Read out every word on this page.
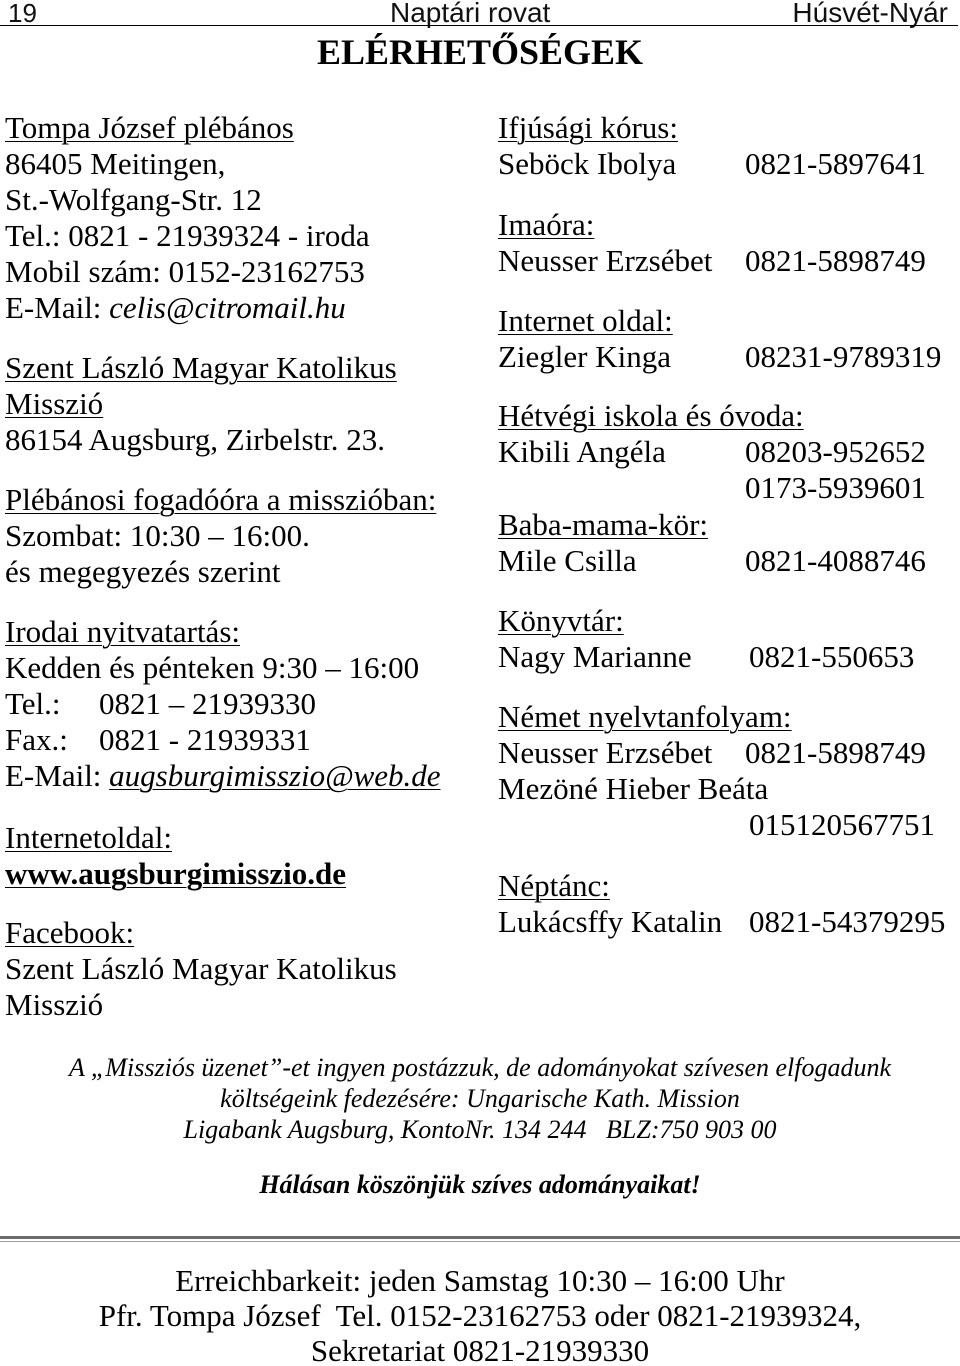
19	Naptári rovat	Húsvét-Nyár
ELÉRHETŐSÉGEK
Tompa József plébános
86405 Meitingen,
St.-Wolfgang-Str. 12
Tel.: 0821 - 21939324 - iroda
Mobil szám: 0152-23162753
E-Mail: celis@citromail.hu
Szent László Magyar Katolikus
Misszió
86154 Augsburg, Zirbelstr. 23.
Plébánosi fogadóóra a misszióban:
Szombat: 10:30 – 16:00.
és megegyezés szerint
Irodai nyitvatartás:
Kedden és pénteken 9:30 – 16:00
Tel.: 0821 – 21939330
Fax.: 0821 - 21939331
E-Mail: augsburgimisszio@web.de
Internetoldal:
www.augsburgimisszio.de
Facebook:
Szent László Magyar Katolikus
Misszió
Ifjúsági kórus:
Seböck Ibolya 0821-5897641
Imaóra:
Neusser Erzsébet 0821-5898749
Internet oldal:
Ziegler Kinga 08231-9789319
Hétvégi iskola és óvoda:
Kibili Angéla	08203-952652
0173-5939601
Baba-mama-kör:
Mile Csilla	0821-4088746
Könyvtár:
Nagy Marianne 0821-550653
Német nyelvtanfolyam:
Neusser Erzsébet 0821-5898749
Mezöné Hieber Beáta
015120567751
Néptánc:
Lukácsffy Katalin 0821-54379295
A „Missziós üzenet”-et ingyen postázzuk, de adományokat szívesen elfogadunk
költségeink fedezésére: Ungarische Kath. Mission
Ligabank Augsburg, KontoNr. 134 244   BLZ:750 903 00
Hálásan köszönjük szíves adományaikat!
Erreichbarkeit: jeden Samstag 10:30 – 16:00 Uhr
Pfr. Tompa József  Tel. 0152-23162753 oder 0821-21939324,
Sekretariat 0821-21939330
